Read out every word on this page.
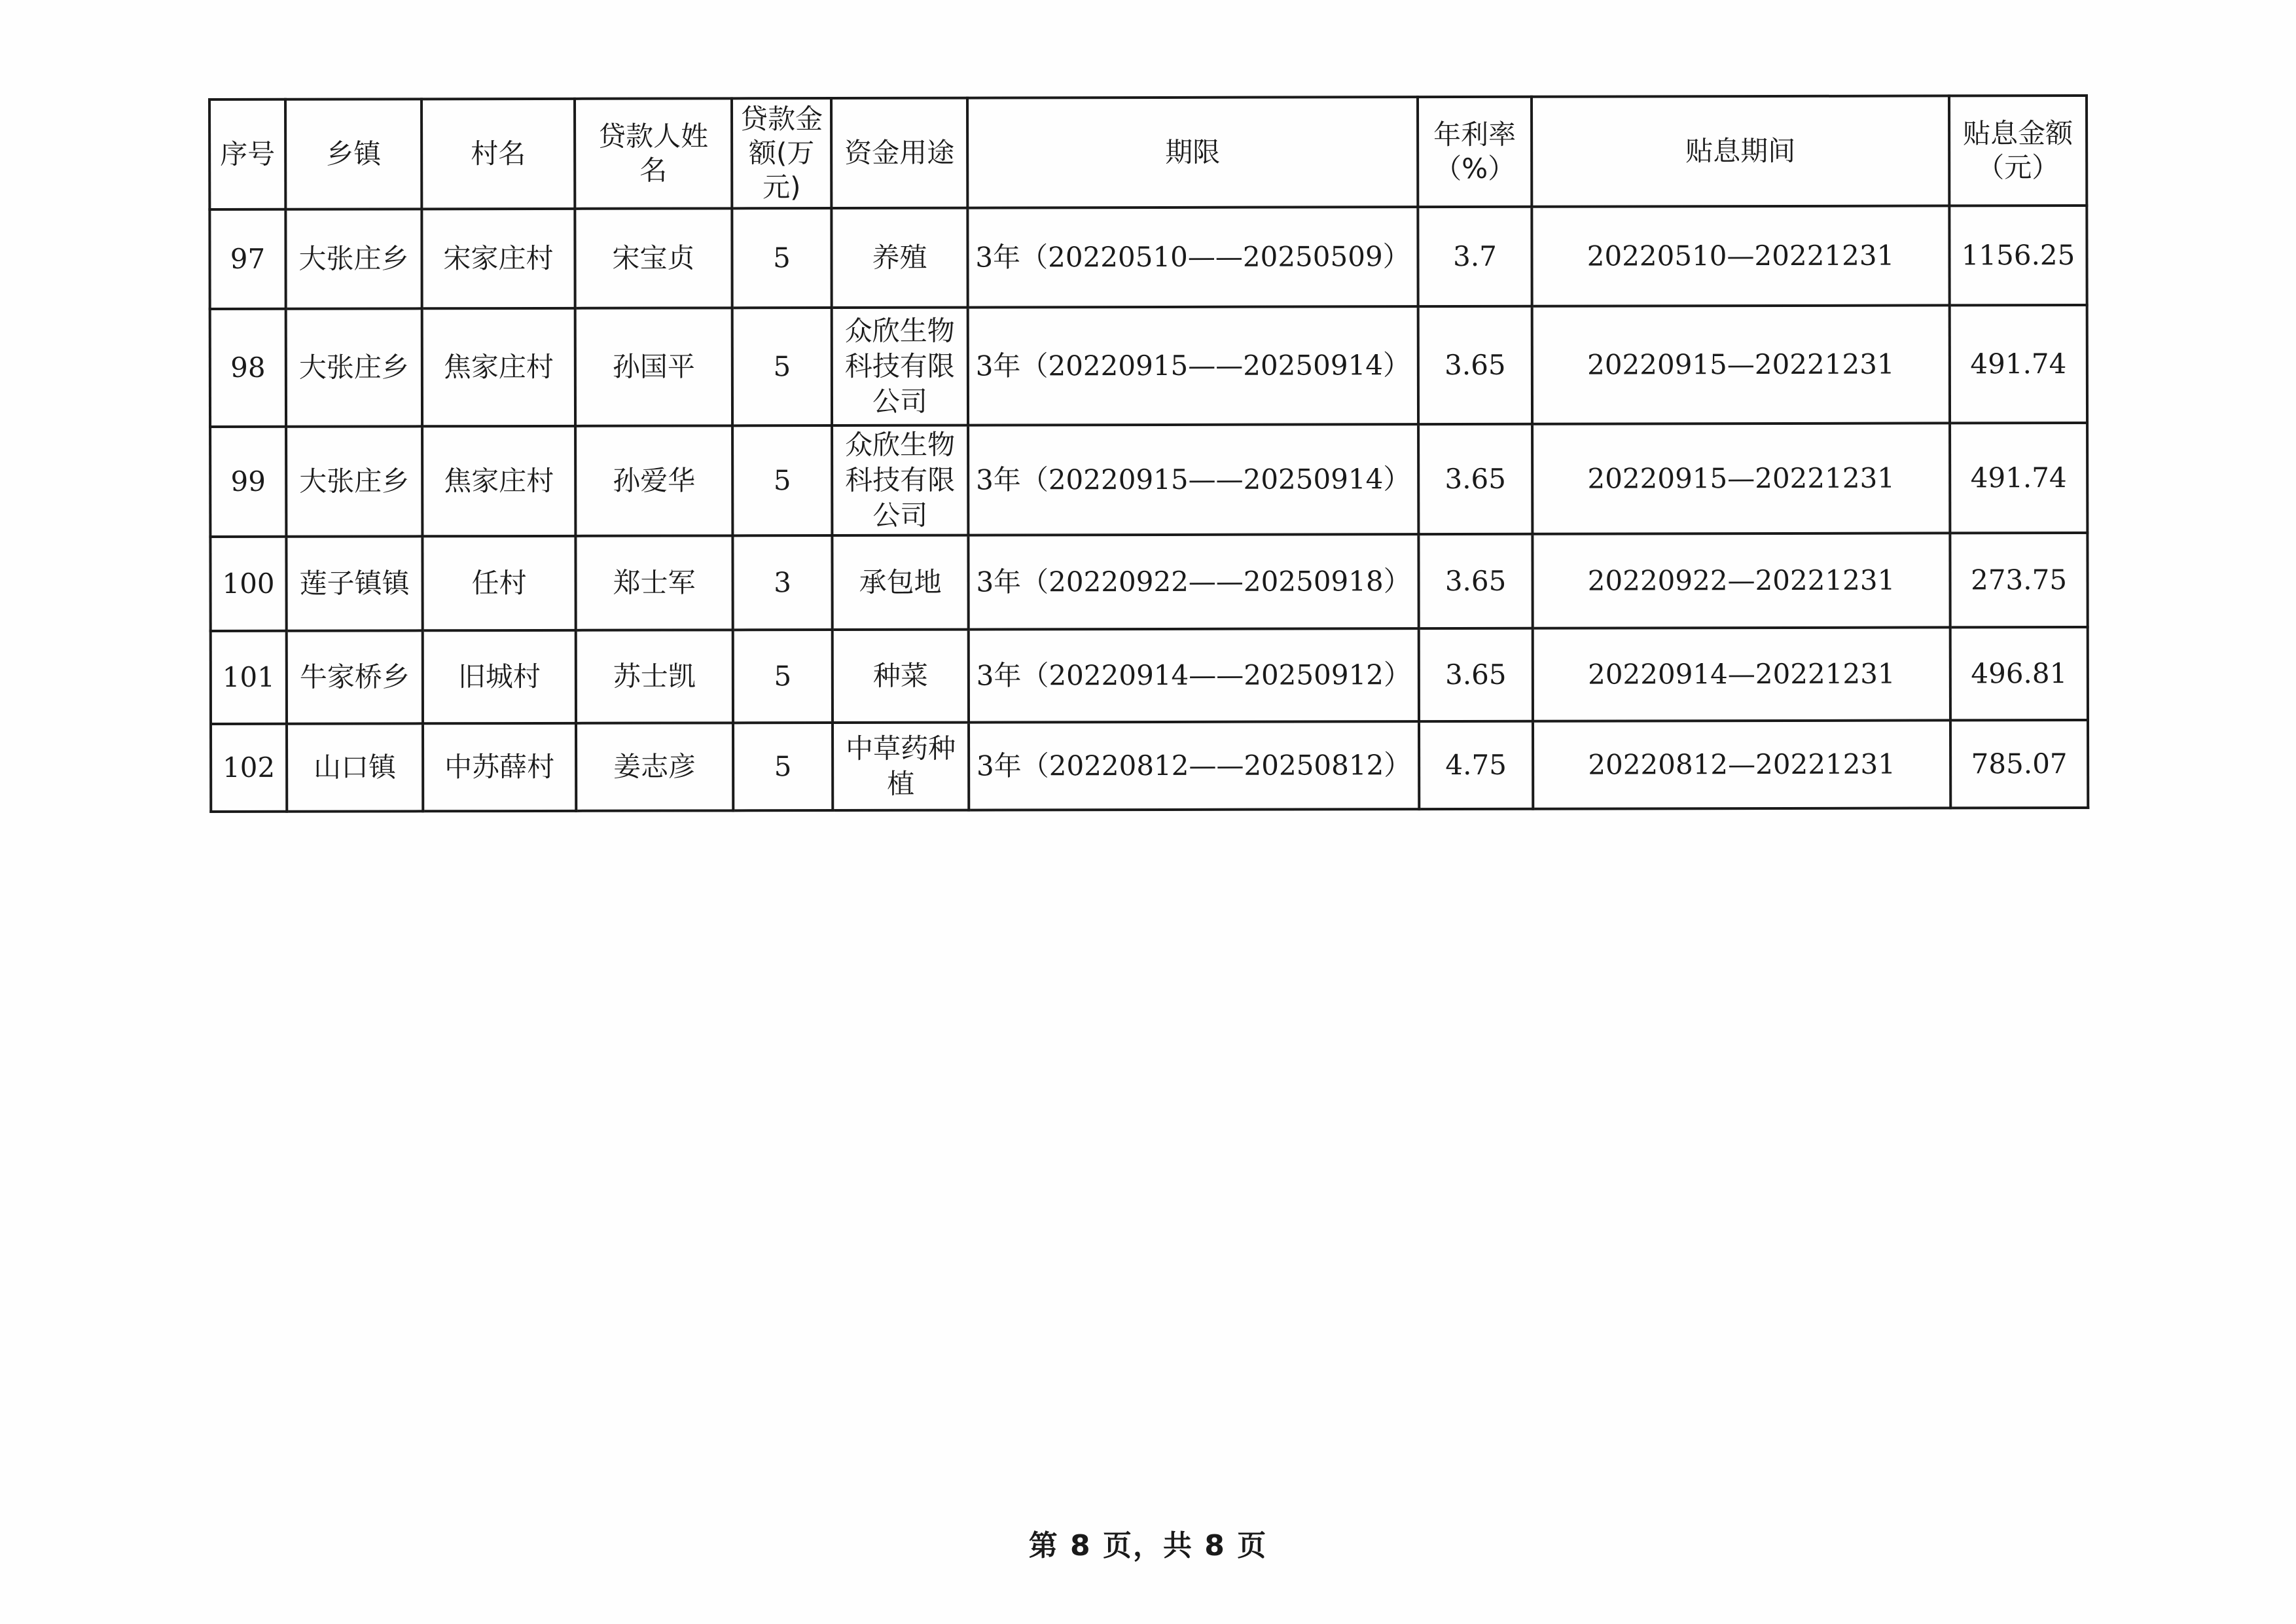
序号	乡镇	村名	贷款人姓名	贷款金额(万元)	资金用途	期限	年利率（%）	贴息期间	贴息金额（元）
97	大张庄乡	宋家庄村	宋宝贞	5	养殖	3年（20220510——20250509）	3.7	20220510—20221231	1156.25
98	大张庄乡	焦家庄村	孙国平	5	众欣生物科技有限公司	3年（20220915——20250914）	3.65	20220915—20221231	491.74
99	大张庄乡	焦家庄村	孙爱华	5	众欣生物科技有限公司	3年（20220915——20250914）	3.65	20220915—20221231	491.74
100	莲子镇镇	任村	郑士军	3	承包地	3年（20220922——20250918）	3.65	20220922—20221231	273.75
101	牛家桥乡	旧城村	苏士凯	5	种菜	3年（20220914——20250912）	3.65	20220914—20221231	496.81
102	山口镇	中苏薛村	姜志彦	5	中草药种植	3年（20220812——20250812）	4.75	20220812—20221231	785.07
第 8 页，共 8 页
